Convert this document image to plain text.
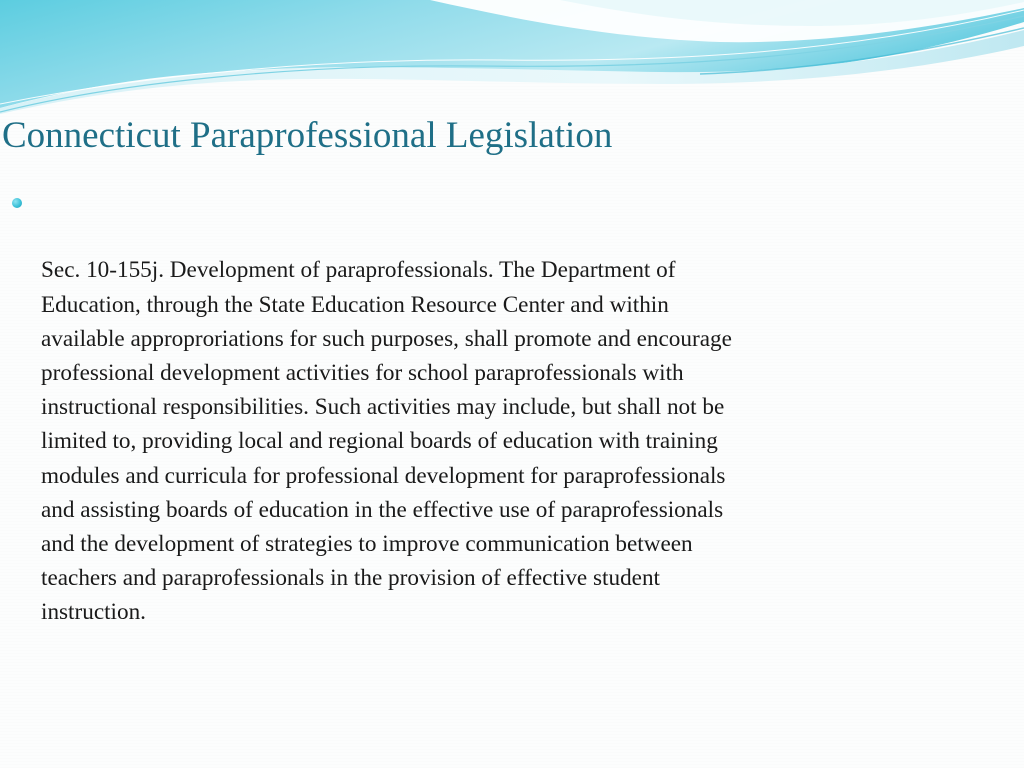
Connecticut Paraprofessional Legislation

Sec. 10-155j. Development of paraprofessionals. The Department of
Education, through the State Education Resource Center and within
available approproriations for such purposes, shall promote and encourage
professional development activities for school paraprofessionals with
instructional responsibilities. Such activities may include, but shall not be
limited to, providing local and regional boards of education with training
modules and curricula for professional development for paraprofessionals
and assisting boards of education in the effective use of paraprofessionals
and the development of strategies to improve communication between
teachers and paraprofessionals in the provision of effective student
instruction.
